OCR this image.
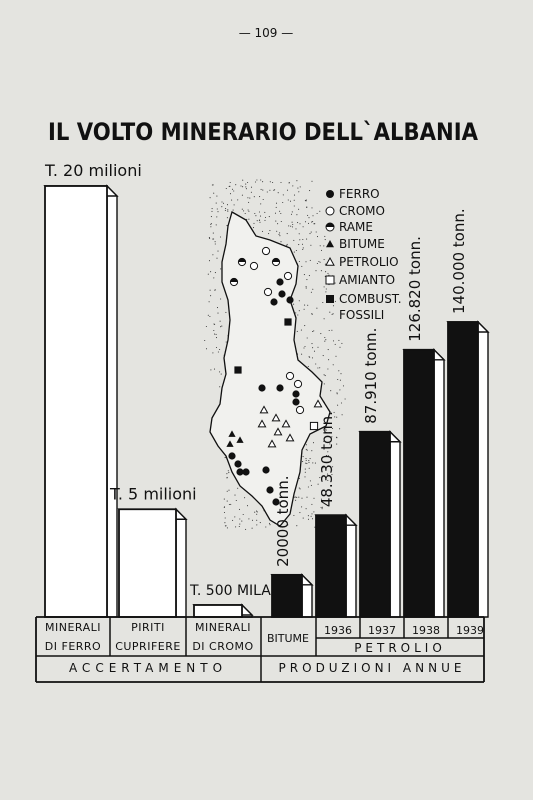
— 109 —
IL VOLTO MINERARIO DELL`ALBANIA
FERRO
CROMO
RAME
BITUME
PETROLIO
AMIANTO
COMBUST.
FOSSILI
T. 20 milioni
T. 5 milioni
T. 500 MILA
20000 tonn.
48.330 tonn.
87.910 tonn.
126.820 tonn. 140.000 tonn.
MINERALI
DI FERRO
PIRITI
CUPRIFERE
MINERALI
DI CROMO
BITUME
1936 1937 1938 1939
PETROLIO
ACCERTAMENTO	PRODUZIONI ANNUE
